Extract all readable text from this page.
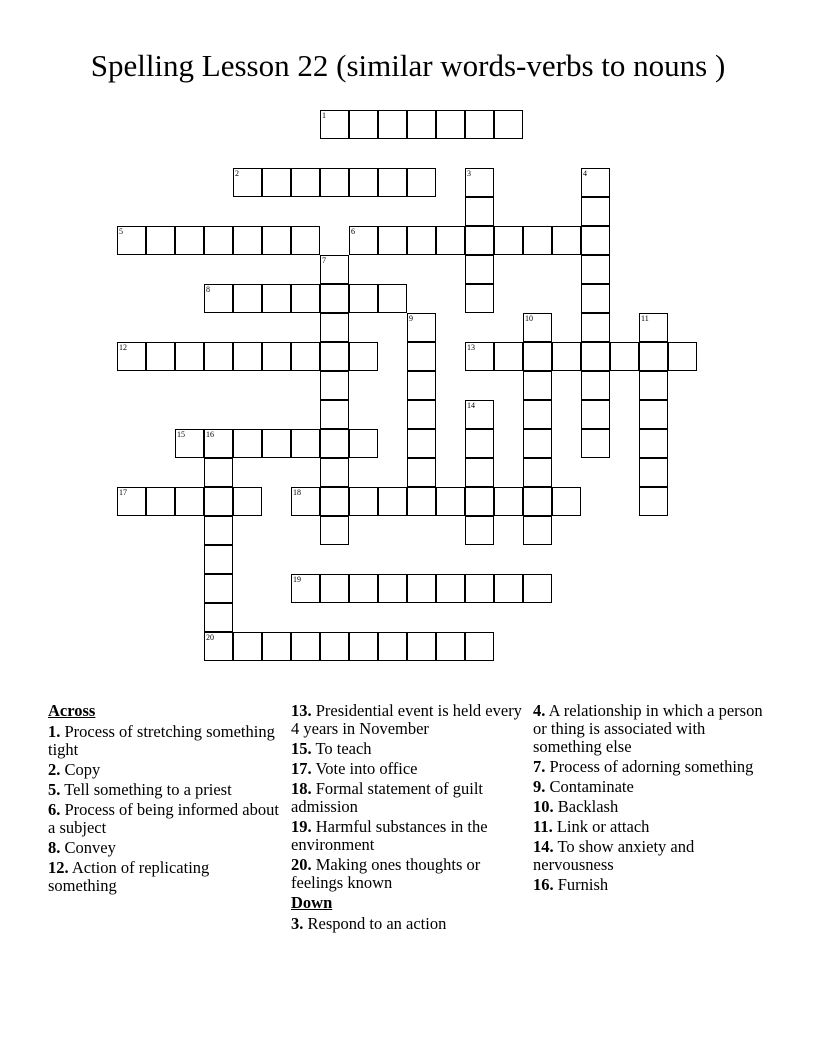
Spelling Lesson 22 (similar words-verbs to nouns )
1
2	3	4
5	6
7
8
9	10	11
12	13
14
15	16
20
17	18
19
Across
1. Process of stretching something tight
2. Copy
5. Tell something to a priest
6. Process of being informed about a subject
8. Convey
12. Action of replicating something
13. Presidential event is held every 4 years in November
15. To teach
17. Vote into office
18. Formal statement of guilt admission
19. Harmful substances in the environment
20. Making ones thoughts or feelings known
Down
3. Respond to an action
4. A relationship in which a person or thing is associated with something else
7. Process of adorning something
9. Contaminate
10. Backlash
11. Link or attach
14. To show anxiety and nervousness
16. Furnish
